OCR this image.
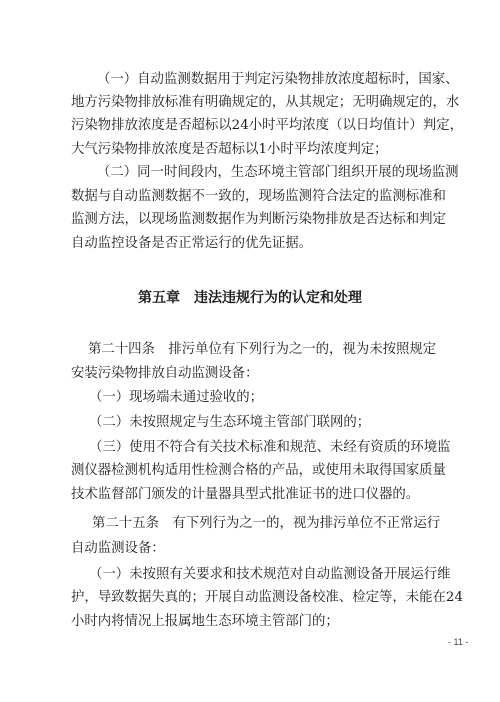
（一）自动监测数据用于判定污染物排放浓度超标时，国家、
地方污染物排放标准有明确规定的，从其规定；无明确规定的，水
污染物排放浓度是否超标以24小时平均浓度（以日均值计）判定，
大气污染物排放浓度是否超标以1小时平均浓度判定；
（二）同一时间段内，生态环境主管部门组织开展的现场监测
数据与自动监测数据不一致的，现场监测符合法定的监测标准和
监测方法，以现场监测数据作为判断污染物排放是否达标和判定
自动监控设备是否正常运行的优先证据。
第五章　违法违规行为的认定和处理
第二十四条　排污单位有下列行为之一的，视为未按照规定
安装污染物排放自动监测设备：
（一）现场端未通过验收的；
（二）未按照规定与生态环境主管部门联网的；
（三）使用不符合有关技术标准和规范、未经有资质的环境监
测仪器检测机构适用性检测合格的产品，或使用未取得国家质量
技术监督部门颁发的计量器具型式批准证书的进口仪器的。
第二十五条　有下列行为之一的，视为排污单位不正常运行
自动监测设备：
（一）未按照有关要求和技术规范对自动监测设备开展运行维
护，导致数据失真的；开展自动监测设备校准、检定等，未能在24
小时内将情况上报属地生态环境主管部门的；
- 11 -
